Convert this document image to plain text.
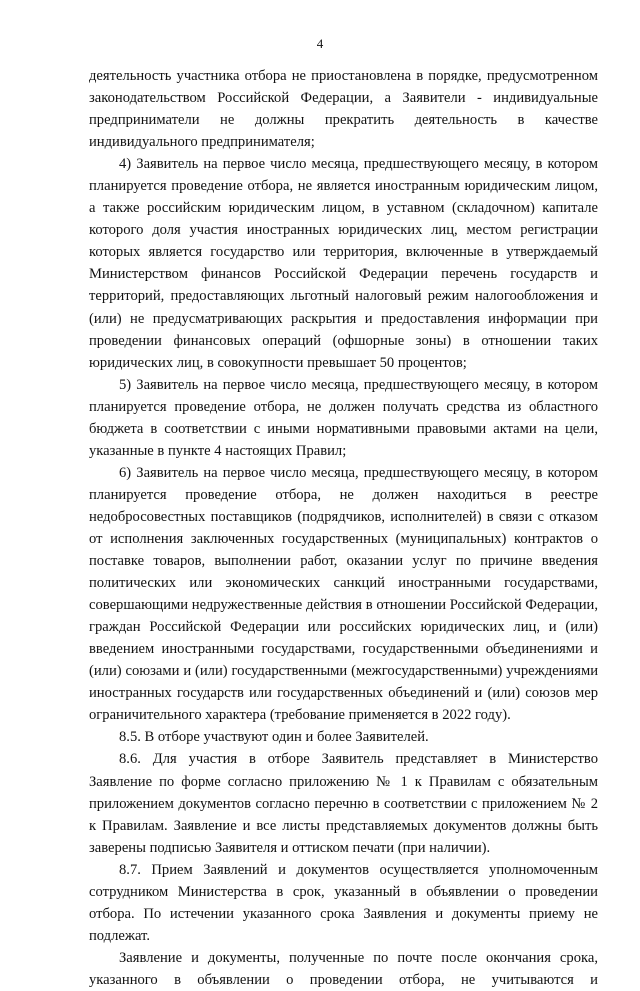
4

деятельность участника отбора не приостановлена в порядке, предусмотренном законодательством Российской Федерации, а Заявители - индивидуальные предприниматели не должны прекратить деятельность в качестве индивидуального предпринимателя;

4) Заявитель на первое число месяца, предшествующего месяцу, в котором планируется проведение отбора, не является иностранным юридическим лицом, а также российским юридическим лицом, в уставном (складочном) капитале которого доля участия иностранных юридических лиц, местом регистрации которых является государство или территория, включенные в утверждаемый Министерством финансов Российской Федерации перечень государств и территорий, предоставляющих льготный налоговый режим налогообложения и (или) не предусматривающих раскрытия и предоставления информации при проведении финансовых операций (офшорные зоны) в отношении таких юридических лиц, в совокупности превышает 50 процентов;

5) Заявитель на первое число месяца, предшествующего месяцу, в котором планируется проведение отбора, не должен получать средства из областного бюджета в соответствии с иными нормативными правовыми актами на цели, указанные в пункте 4 настоящих Правил;

6) Заявитель на первое число месяца, предшествующего месяцу, в котором планируется проведение отбора, не должен находиться в реестре недобросовестных поставщиков (подрядчиков, исполнителей) в связи с отказом от исполнения заключенных государственных (муниципальных) контрактов о поставке товаров, выполнении работ, оказании услуг по причине введения политических или экономических санкций иностранными государствами, совершающими недружественные действия в отношении Российской Федерации, граждан Российской Федерации или российских юридических лиц, и (или) введением иностранными государствами, государственными объединениями и (или) союзами и (или) государственными (межгосударственными) учреждениями иностранных государств или государственных объединений и (или) союзов мер ограничительного характера (требование применяется в 2022 году).

8.5. В отборе участвуют один и более Заявителей.

8.6. Для участия в отборе Заявитель представляет в Министерство Заявление по форме согласно приложению № 1 к Правилам с обязательным приложением документов согласно перечню в соответствии с приложением № 2 к Правилам. Заявление и все листы представляемых документов должны быть заверены подписью Заявителя и оттиском печати (при наличии).

8.7. Прием Заявлений и документов осуществляется уполномоченным сотрудником Министерства в срок, указанный в объявлении о проведении отбора. По истечении указанного срока Заявления и документы приему не подлежат.

Заявление и документы, полученные по почте после окончания срока, указанного в объявлении о проведении отбора, не учитываются и
